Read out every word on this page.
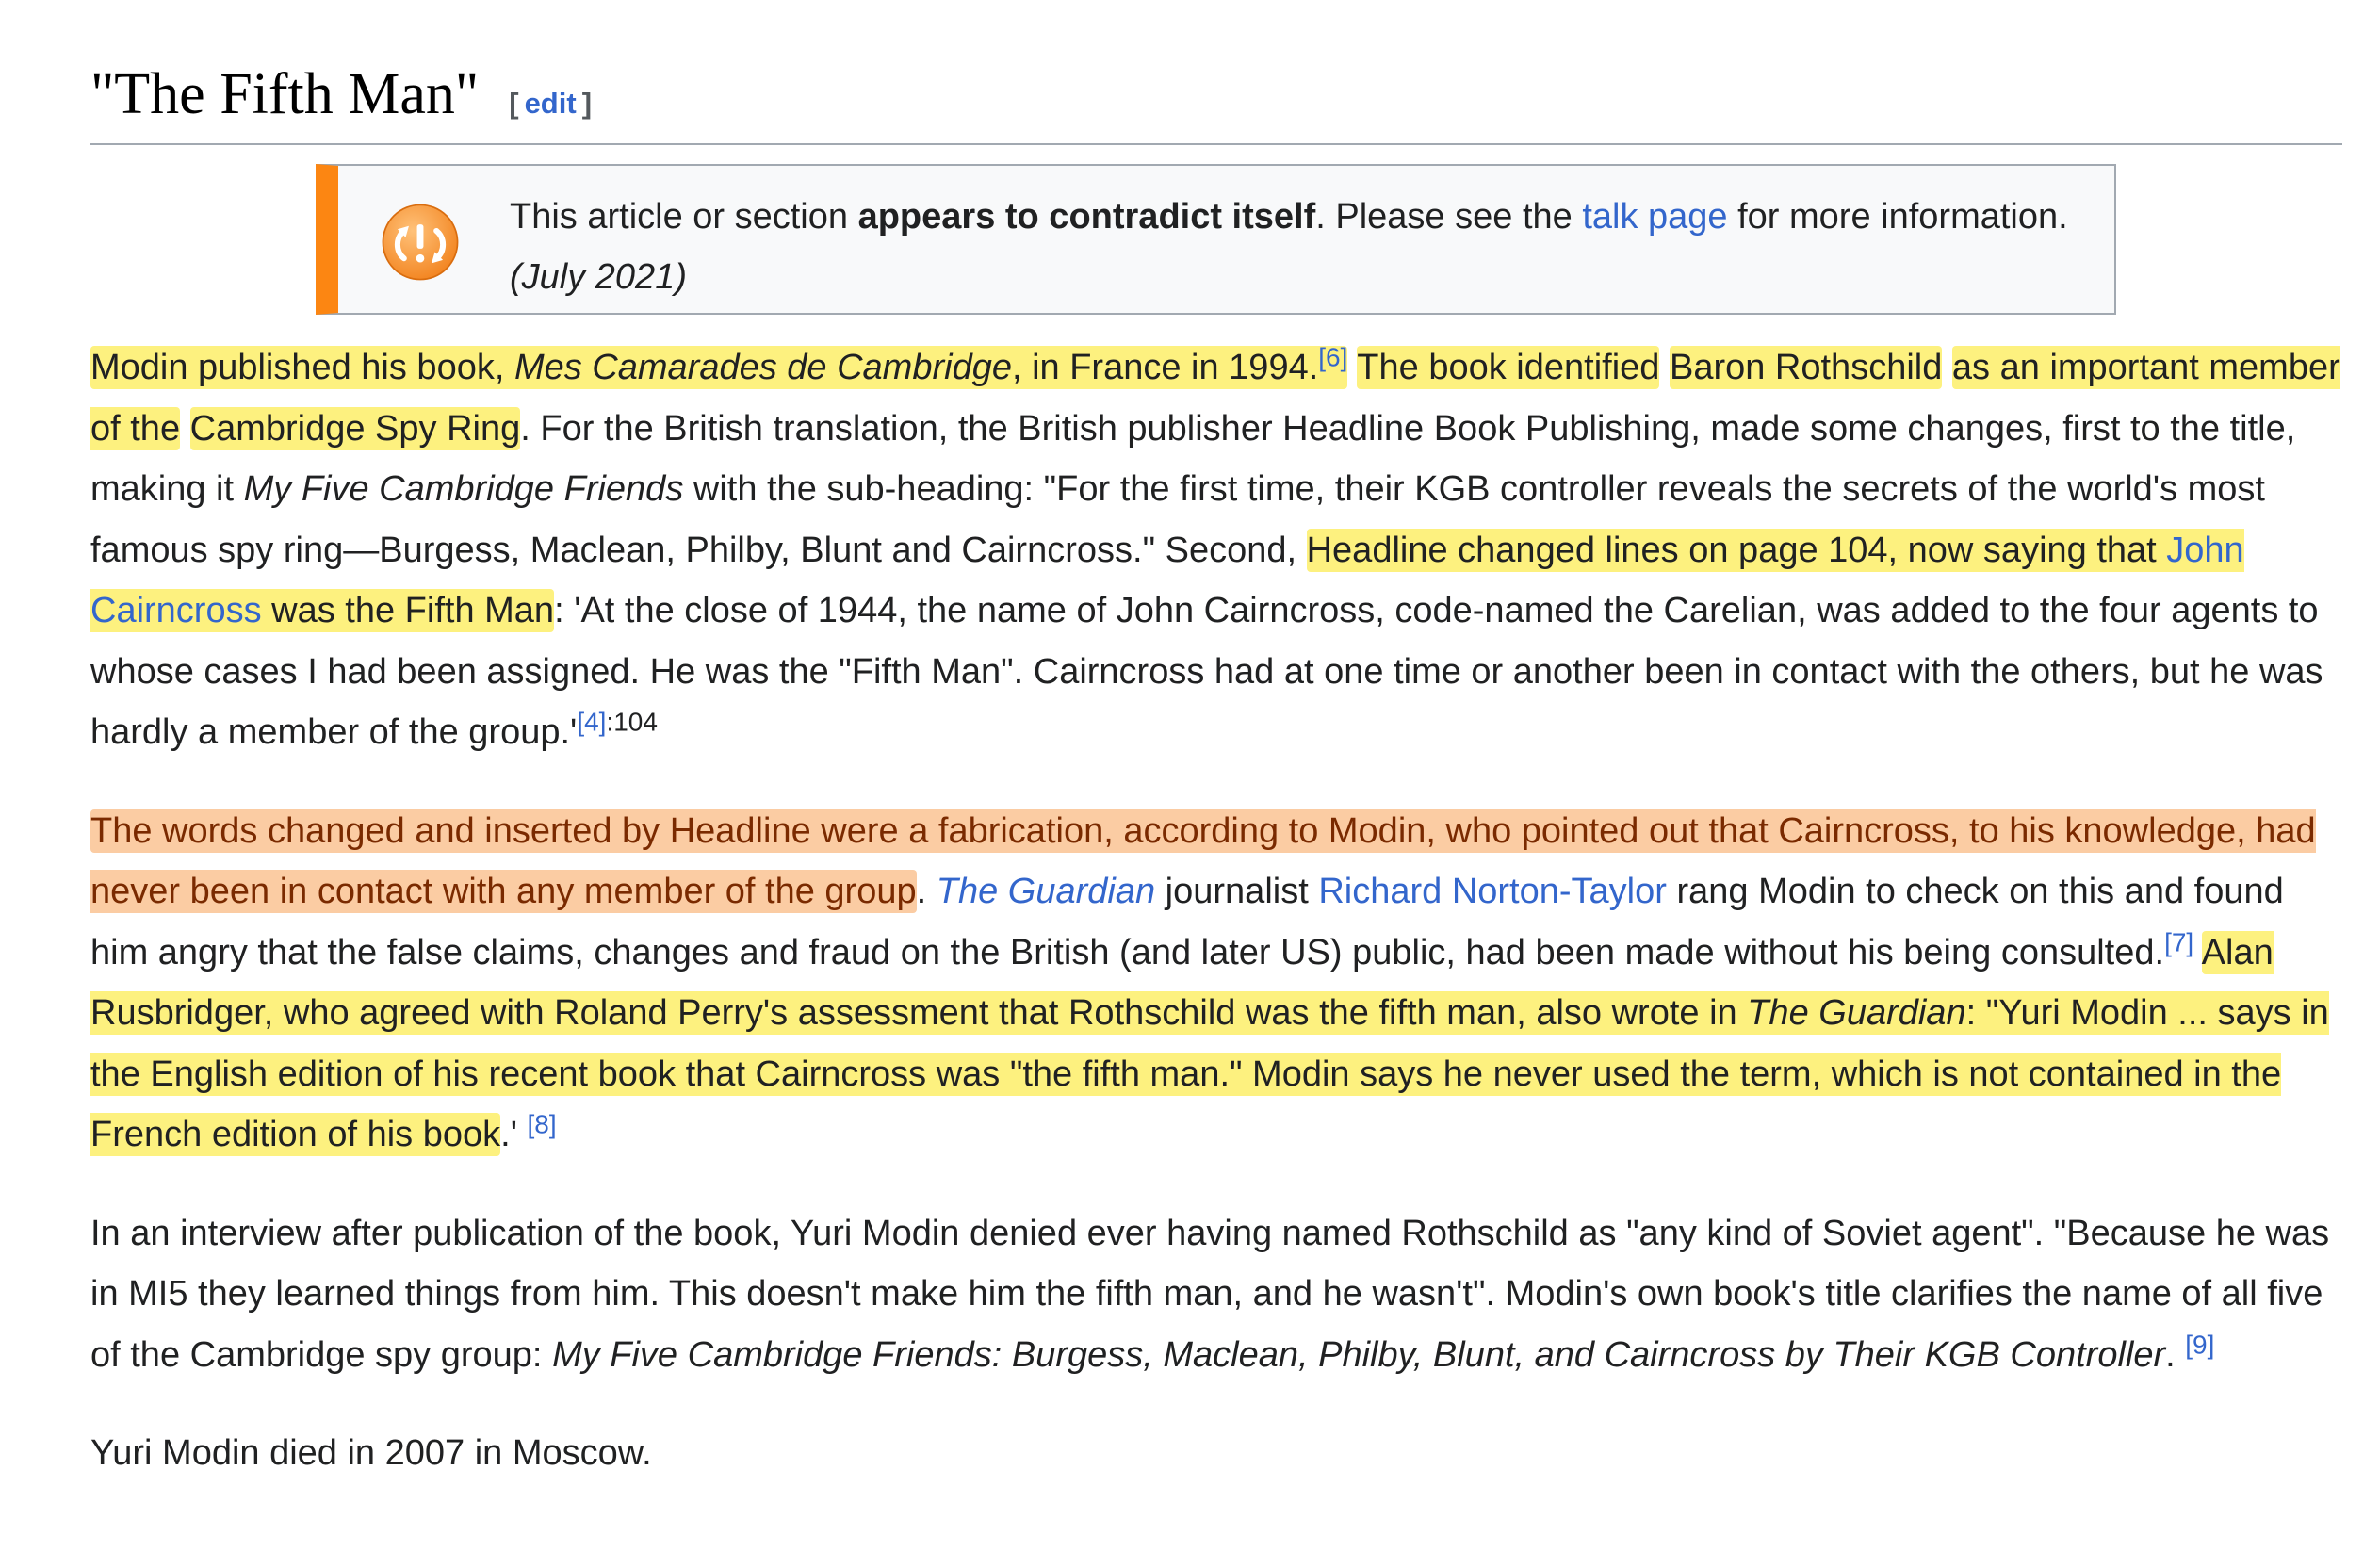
"The Fifth Man" [ edit ]
This article or section appears to contradict itself. Please see the talk page for more information. (July 2021)

Modin published his book, Mes Camarades de Cambridge, in France in 1994.[6] The book identified Baron Rothschild as an important member of the Cambridge Spy Ring. For the British translation, the British publisher Headline Book Publishing, made some changes, first to the title, making it My Five Cambridge Friends with the sub-heading: "For the first time, their KGB controller reveals the secrets of the world's most famous spy ring—Burgess, Maclean, Philby, Blunt and Cairncross." Second, Headline changed lines on page 104, now saying that John Cairncross was the Fifth Man: 'At the close of 1944, the name of John Cairncross, code-named the Carelian, was added to the four agents to whose cases I had been assigned. He was the "Fifth Man". Cairncross had at one time or another been in contact with the others, but he was hardly a member of the group.'$^{[4]:104}$

The words changed and inserted by Headline were a fabrication, according to Modin, who pointed out that Cairncross, to his knowledge, had never been in contact with any member of the group. The Guardian journalist Richard Norton-Taylor rang Modin to check on this and found him angry that the false claims, changes and fraud on the British (and later US) public, had been made without his being consulted.[7] Alan Rusbridger, who agreed with Roland Perry's assessment that Rothschild was the fifth man, also wrote in The Guardian: "Yuri Modin ... says in the English edition of his recent book that Cairncross was "the fifth man." Modin says he never used the term, which is not contained in the French edition of his book.' [8]

In an interview after publication of the book, Yuri Modin denied ever having named Rothschild as "any kind of Soviet agent". "Because he was in MI5 they learned things from him. This doesn't make him the fifth man, and he wasn't". Modin's own book's title clarifies the name of all five of the Cambridge spy group: My Five Cambridge Friends: Burgess, Maclean, Philby, Blunt, and Cairncross by Their KGB Controller. [9]

Yuri Modin died in 2007 in Moscow.
